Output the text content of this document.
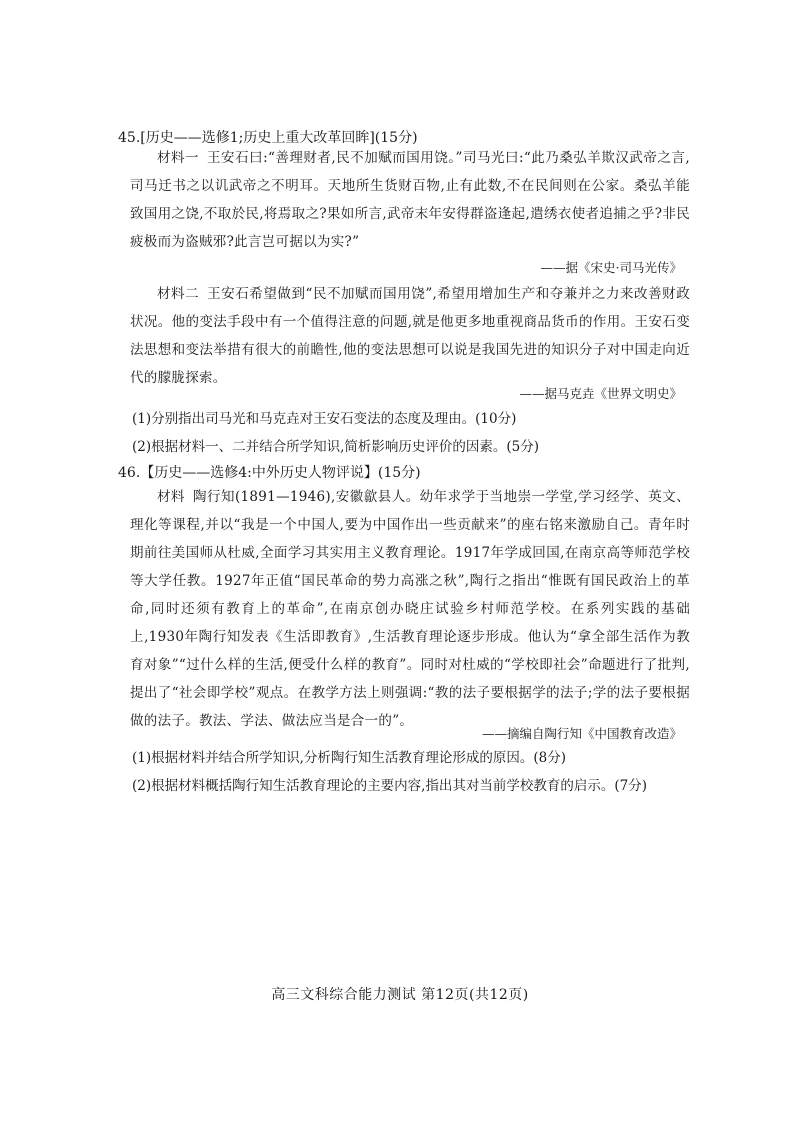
45.[历史——选修1;历史上重大改革回眸](15分)

材料一 王安石曰:“善理财者,民不加赋而国用饶。”司马光曰:“此乃桑弘羊欺汉武帝之言,司马迁书之以讥武帝之不明耳。天地所生货财百物,止有此数,不在民间则在公家。桑弘羊能致国用之饶,不取於民,将焉取之?果如所言,武帝末年安得群盗逢起,遣绣衣使者追捕之乎?非民疲极而为盗贼邪?此言岂可据以为实?”

——据《宋史·司马光传》

材料二 王安石希望做到“民不加赋而国用饶”,希望用增加生产和夺兼并之力来改善财政状况。他的变法手段中有一个值得注意的问题,就是他更多地重视商品货币的作用。王安石变法思想和变法举措有很大的前瞻性,他的变法思想可以说是我国先进的知识分子对中国走向近代的朦胧探索。

——据马克垚《世界文明史》
(1)分别指出司马光和马克垚对王安石变法的态度及理由。(10分)
(2)根据材料一、二并结合所学知识,简析影响历史评价的因素。(5分)
46.【历史——选修4:中外历史人物评说】(15分)

材料 陶行知(1891—1946),安徽歙县人。幼年求学于当地崇一学堂,学习经学、英文、理化等课程,并以“我是一个中国人,要为中国作出一些贡献来”的座右铭来激励自己。青年时期前往美国师从杜威,全面学习其实用主义教育理论。1917年学成回国,在南京高等师范学校等大学任教。1927年正值“国民革命的势力高涨之秋”,陶行之指出“惟既有国民政治上的革命,同时还须有教育上的革命”,在南京创办晓庄试验乡村师范学校。在系列实践的基础上,1930年陶行知发表《生活即教育》,生活教育理论逐步形成。他认为“拿全部生活作为教育对象”“过什么样的生活,便受什么样的教育”。同时对杜威的“学校即社会”命题进行了批判,提出了“社会即学校”观点。在教学方法上则强调:“教的法子要根据学的法子;学的法子要根据做的法子。教法、学法、做法应当是合一的”。

——摘编自陶行知《中国教育改造》
(1)根据材料并结合所学知识,分析陶行知生活教育理论形成的原因。(8分)
(2)根据材料概括陶行知生活教育理论的主要内容,指出其对当前学校教育的启示。(7分)
高三文科综合能力测试 第12页(共12页)
